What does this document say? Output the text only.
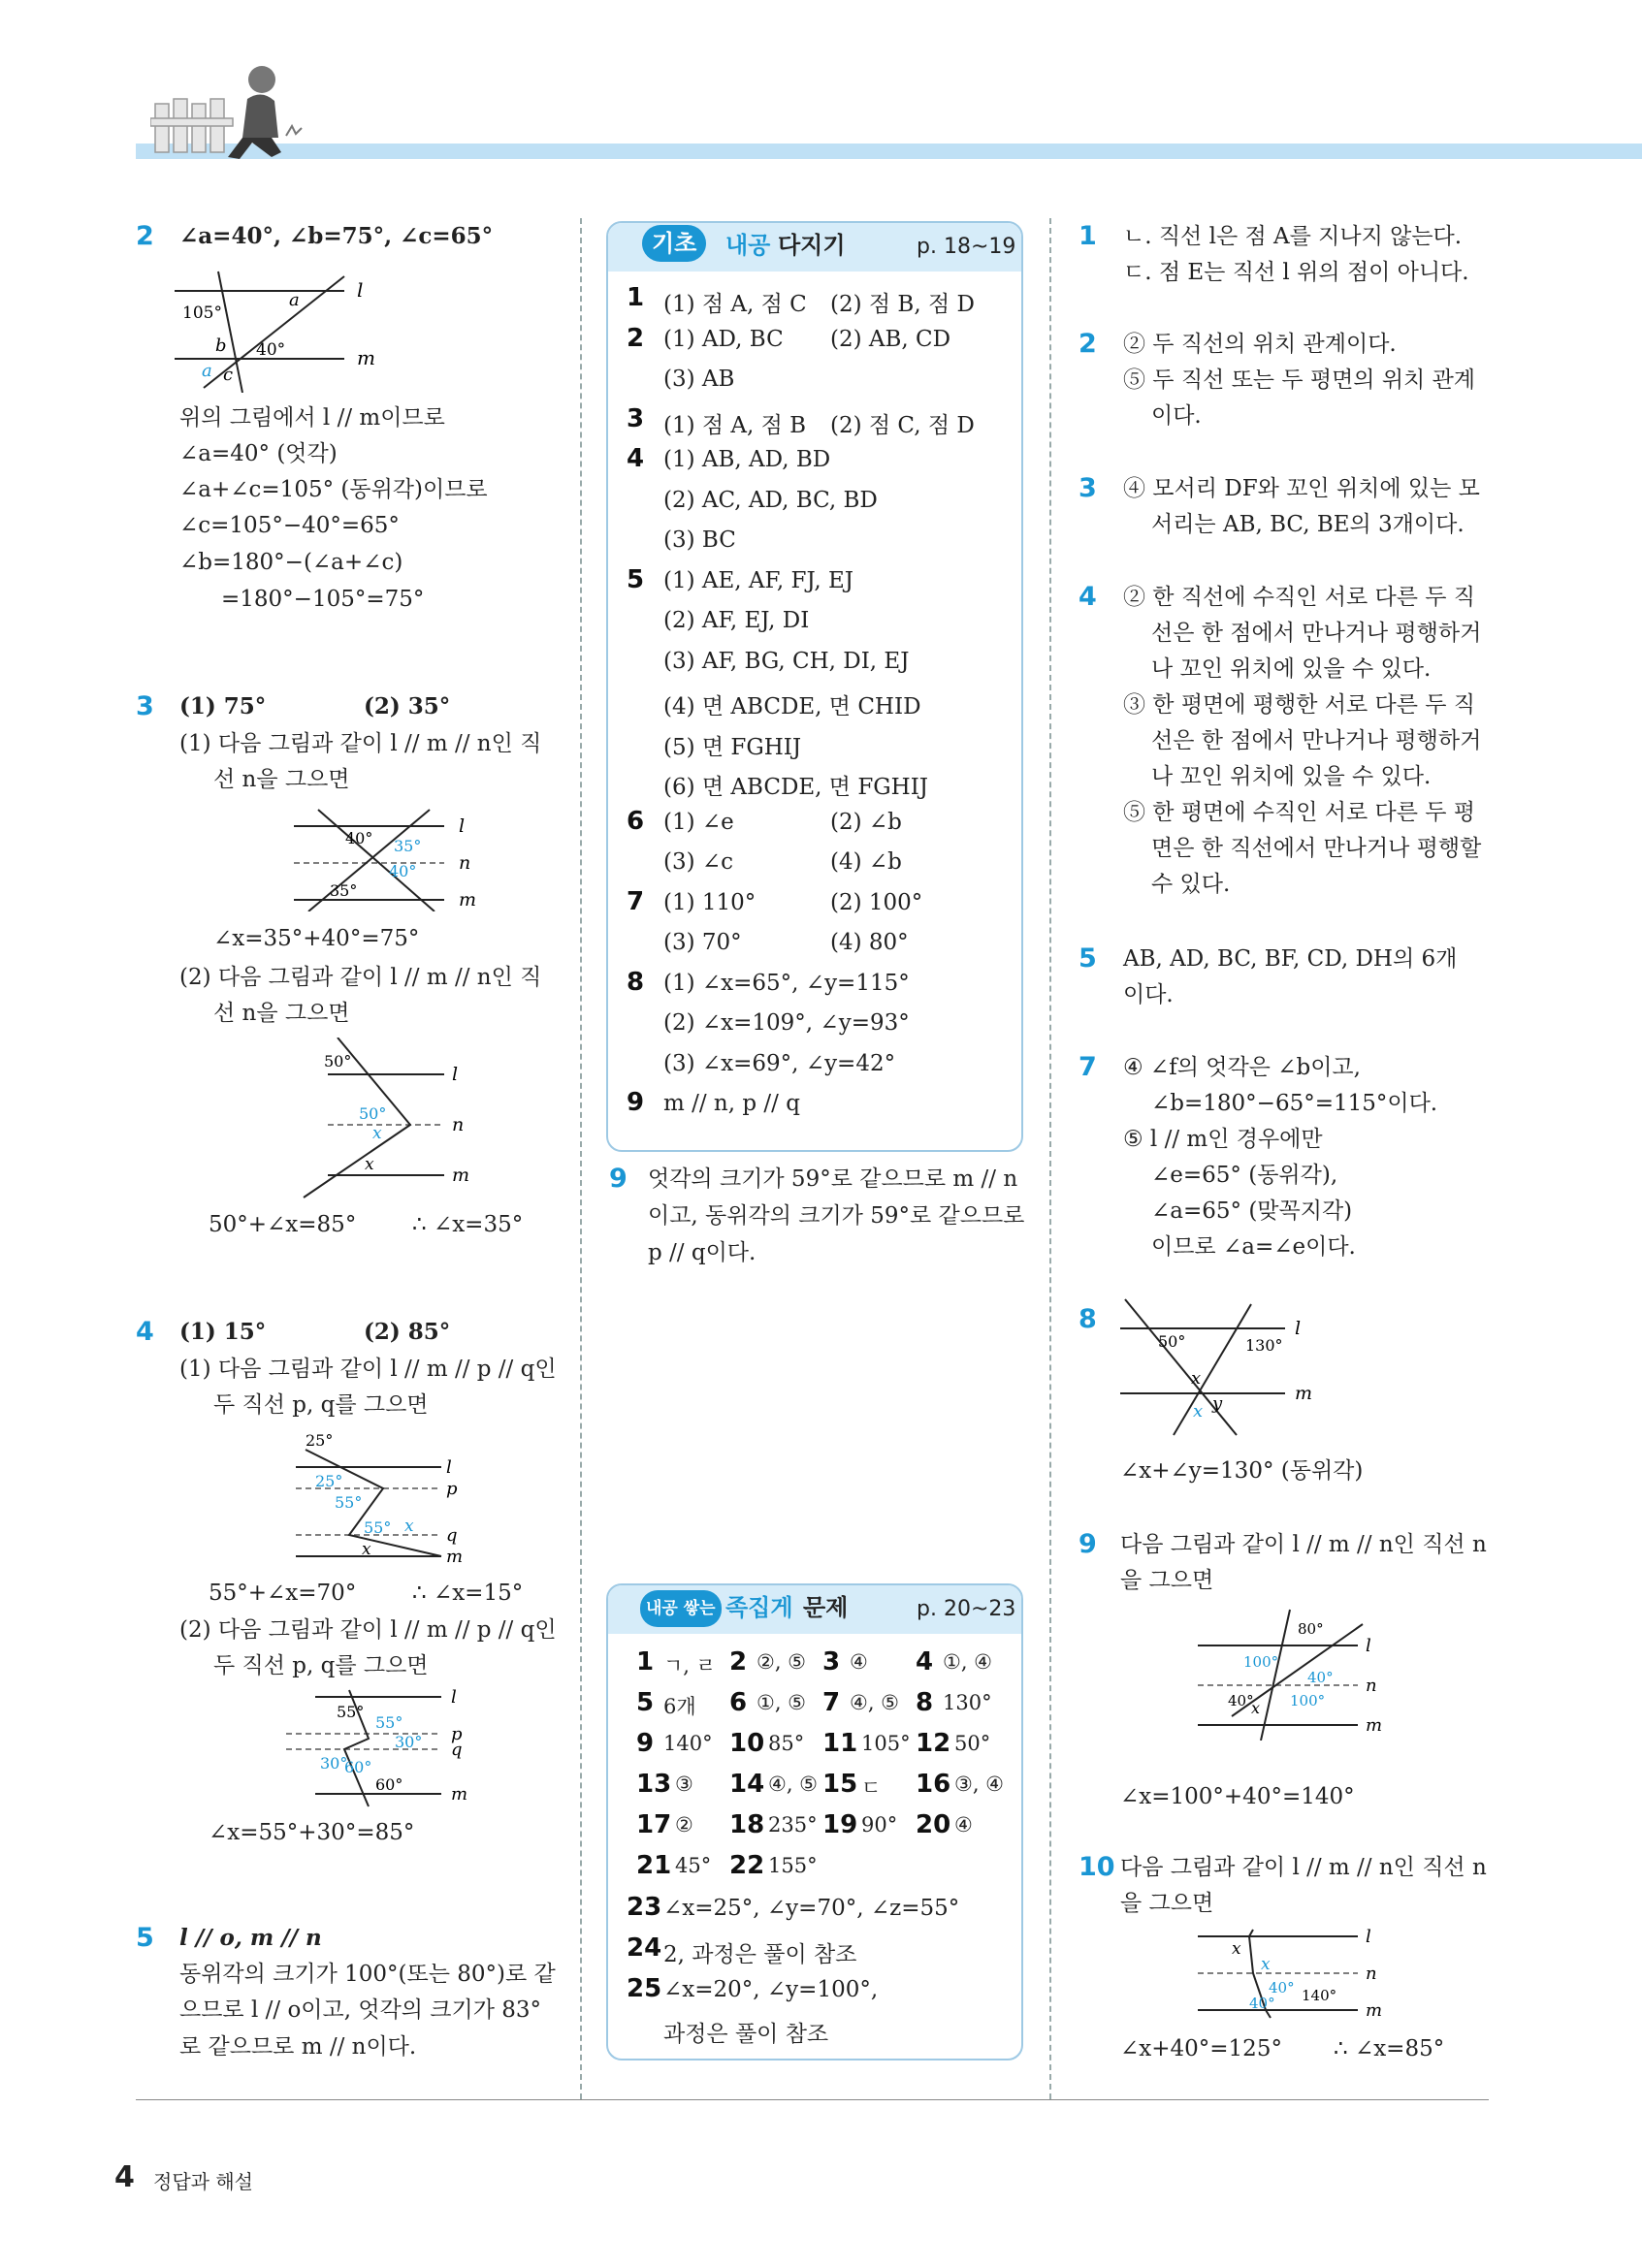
2 ∠a=40°, ∠b=75°, ∠c=65°
l
m
105°
40°
a
b
c
a
위의 그림에서 l // m이므로
∠a=40° (엇각)
∠a+∠c=105° (동위각)이므로
∠c=105°−40°=65°
∠b=180°−(∠a+∠c)
=180°−105°=75°
3 (1) 75°	(2) 35°
(1) 다음 그림과 같이 l // m // n인 직
선 n을 그으면
l
n
m
40° 35°
40°
35°
∠x=35°+40°=75°
(2) 다음 그림과 같이 l // m // n인 직
선 n을 그으면
l
n
m
50°
50°
x
x
50°+∠x=85°	∴ ∠x=35°
4 (1) 15°	(2) 85°
(1) 다음 그림과 같이 l // m // p // q인
두 직선 p, q를 그으면
l
p
q
m
25°
25°
55°
55° x
x
55°+∠x=70°	∴ ∠x=15°
(2) 다음 그림과 같이 l // m // p // q인
두 직선 p, q를 그으면
l
p
q
m
55°
55°
30°
30°
60°
60°
∠x=55°+30°=85°
5 l // o, m // n
동위각의 크기가 100°(또는 80°)로 같
으므로 l // o이고, 엇각의 크기가 83°
로 같으므로 m // n이다.
기초	내공 다지기	p. 18~19
1 (1) 점 A, 점 C (2) 점 B, 점 D
2 (1) AD, BC (2) AB, CD
(3) AB
3 (1) 점 A, 점 B (2) 점 C, 점 D
4 (1) AB, AD, BD
(2) AC, AD, BC, BD
(3) BC
5 (1) AE, AF, FJ, EJ
(2) AF, EJ, DI
(3) AF, BG, CH, DI, EJ
(4) 면 ABCDE, 면 CHID
(5) 면 FGHIJ
(6) 면 ABCDE, 면 FGHIJ
6 (1) ∠e	(2) ∠b
(3) ∠c	(4) ∠b
7 (1) 110°	(2) 100°
(3) 70°	(4) 80°
8 (1) ∠x=65°, ∠y=115°
(2) ∠x=109°, ∠y=93°
(3) ∠x=69°, ∠y=42°
9 m // n, p // q
9 엇각의 크기가 59°로 같으므로 m // n
이고, 동위각의 크기가 59°로 같으므로
p // q이다.
내공 쌓는 족집게 문제	p. 20~23
1 ㄱ, ㄹ 2 ②, ⑤ 3 ④ 4 ①, ④
5 6개 6 ①, ⑤ 7 ④, ⑤ 8 130°
9 140° 10 85° 11 105° 12 50°
13 ③ 14 ④, ⑤ 15 ㄷ 16 ③, ④
17 ② 18 235° 19 90° 20 ④
21 45° 22 155°
23 ∠x=25°, ∠y=70°, ∠z=55°
24 2, 과정은 풀이 참조
25 ∠x=20°, ∠y=100°,
과정은 풀이 참조
1 ㄴ. 직선 l은 점 A를 지나지 않는다.
ㄷ. 점 E는 직선 l 위의 점이 아니다.
2 ② 두 직선의 위치 관계이다.
⑤ 두 직선 또는 두 평면의 위치 관계
이다.
3 ④ 모서리 DF와 꼬인 위치에 있는 모
서리는 AB, BC, BE의 3개이다.
4 ② 한 직선에 수직인 서로 다른 두 직
선은 한 점에서 만나거나 평행하거
나 꼬인 위치에 있을 수 있다.
③ 한 평면에 평행한 서로 다른 두 직
선은 한 점에서 만나거나 평행하거
나 꼬인 위치에 있을 수 있다.
⑤ 한 평면에 수직인 서로 다른 두 평
면은 한 직선에서 만나거나 평행할
수 있다.
5 AB, AD, BC, BF, CD, DH의 6개
이다.
7 ④ ∠f의 엇각은 ∠b이고,
∠b=180°−65°=115°이다.
⑤ l // m인 경우에만
∠e=65° (동위각),
∠a=65° (맞꼭지각)
이므로 ∠a=∠e이다.
8	l
m
50°	130°
x
y
x
∠x+∠y=130° (동위각)
9 다음 그림과 같이 l // m // n인 직선 n
을 그으면
l
n
m
80°
100°
40°
40° 100°
x
∠x=100°+40°=140°
10 다음 그림과 같이 l // m // n인 직선 n
을 그으면
l
n
m
x
x
40°
40° 140°
∠x+40°=125° ∴ ∠x=85°
4 정답과 해설
